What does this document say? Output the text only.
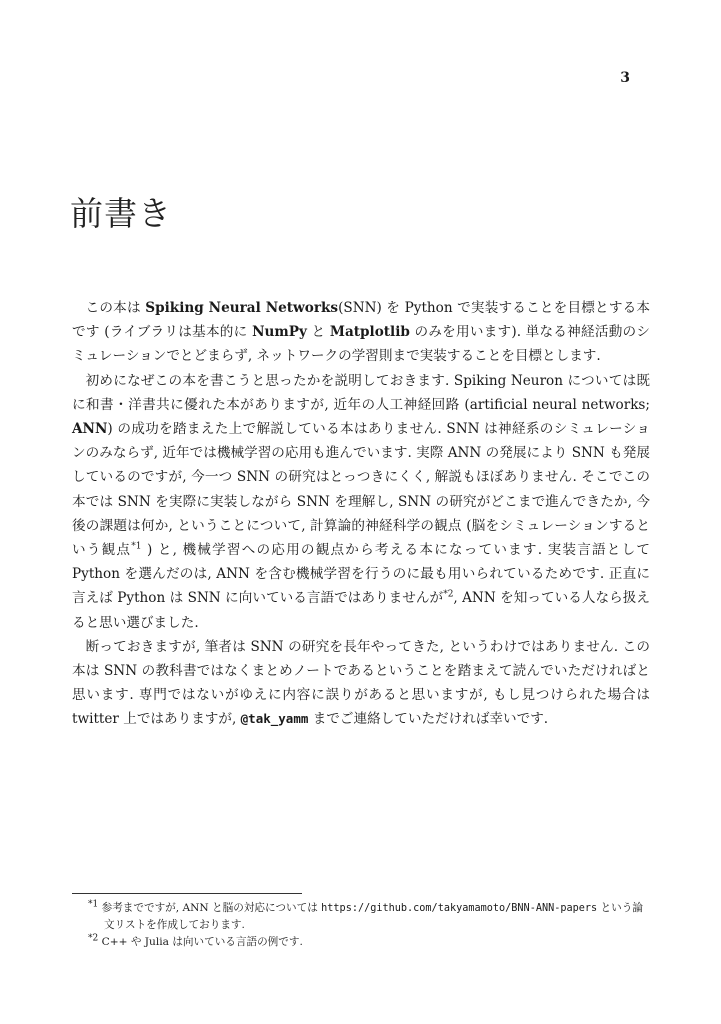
3
前書き

この本は Spiking Neural Networks(SNN) を Python で実装することを目標とする本です (ライブラリは基本的に NumPy と Matplotlib のみを用います). 単なる神経活動のシミュレーションでとどまらず, ネットワークの学習則まで実装することを目標とします.

初めになぜこの本を書こうと思ったかを説明しておきます. Spiking Neuron については既に和書・洋書共に優れた本がありますが, 近年の人工神経回路 (artificial neural networks; ANN) の成功を踏まえた上で解説している本はありません. SNN は神経系のシミュレーションのみならず, 近年では機械学習の応用も進んでいます. 実際 ANN の発展により SNN も発展しているのですが, 今一つ SNN の研究はとっつきにくく, 解説もほぼありません. そこでこの本では SNN を実際に実装しながら SNN を理解し, SNN の研究がどこまで進んできたか, 今後の課題は何か, ということについて, 計算論的神経科学の観点 (脳をシミュレーションするという観点$^{*1}$ ) と, 機械学習への応用の観点から考える本になっています. 実装言語として Python を選んだのは, ANN を含む機械学習を行うのに最も用いられているためです. 正直に言えば Python は SNN に向いている言語ではありませんが$^{*2}$, ANN を知っている人なら扱えると思い選びました.

断っておきますが, 筆者は SNN の研究を長年やってきた, というわけではありません. この本は SNN の教科書ではなくまとめノートであるということを踏まえて読んでいただければと思います. 専門ではないがゆえに内容に誤りがあると思いますが, もし見つけられた場合は twitter 上ではありますが, @tak_yamm までご連絡していただければ幸いです.

$^{*1}$ 参考までですが, ANN と脳の対応については https://github.com/takyamamoto/BNN-ANN-papers という論文リストを作成しております.
$^{*2}$ C++ や Julia は向いている言語の例です.
